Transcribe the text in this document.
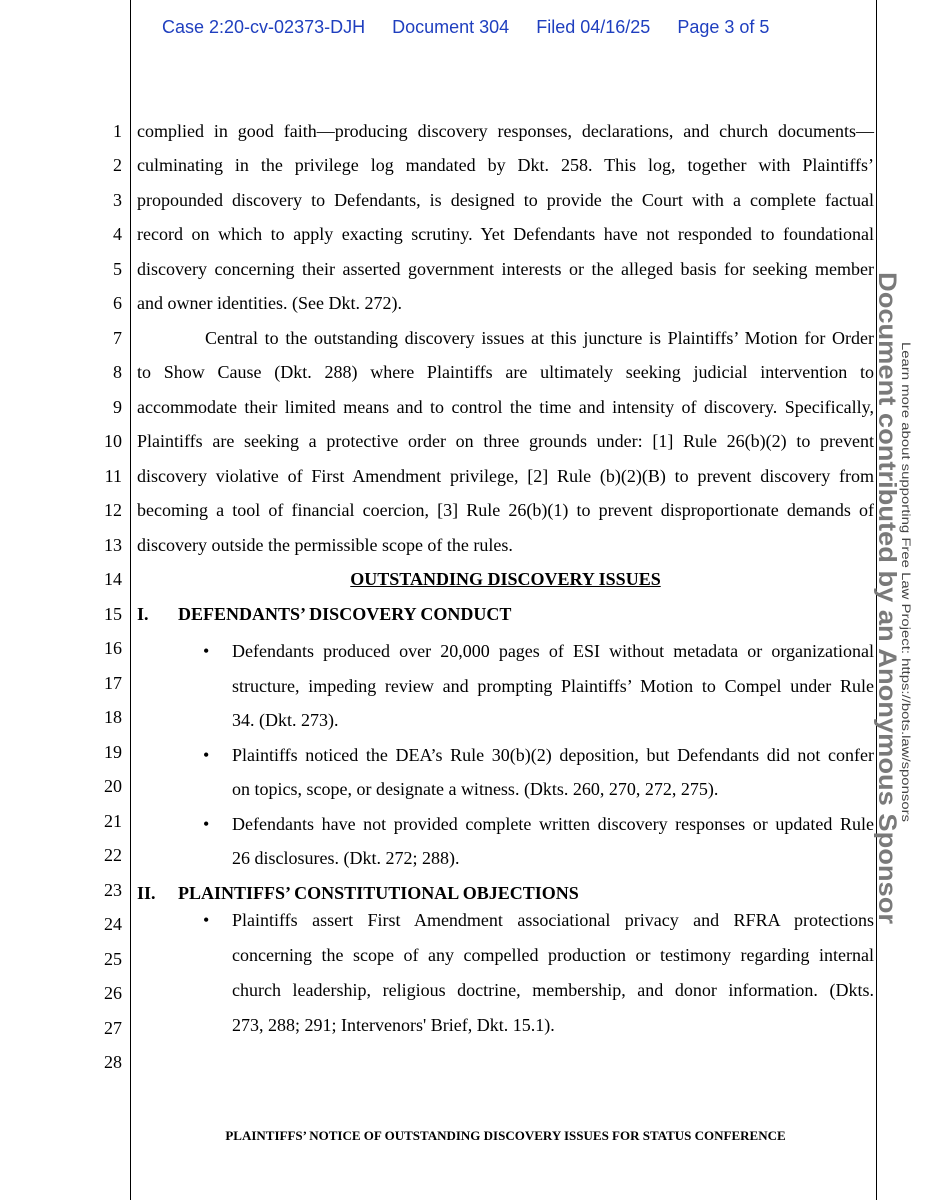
Case 2:20-cv-02373-DJH Document 304 Filed 04/16/25 Page 3 of 5
1
2
3
4
5
6
7
8
9
10
11
12
13
14
15
16
17
18
19
20
21
22
23
24
25
26
27
28
complied in good faith—producing discovery responses, declarations, and church documents—
culminating in the privilege log mandated by Dkt. 258. This log, together with Plaintiffs’
propounded discovery to Defendants, is designed to provide the Court with a complete factual
record on which to apply exacting scrutiny. Yet Defendants have not responded to foundational
discovery concerning their asserted government interests or the alleged basis for seeking member
and owner identities. (See Dkt. 272).
Central to the outstanding discovery issues at this juncture is Plaintiffs’ Motion for Order
to Show Cause (Dkt. 288) where Plaintiffs are ultimately seeking judicial intervention to
accommodate their limited means and to control the time and intensity of discovery. Specifically,
Plaintiffs are seeking a protective order on three grounds under: [1] Rule 26(b)(2) to prevent
discovery violative of First Amendment privilege, [2] Rule (b)(2)(B) to prevent discovery from
becoming a tool of financial coercion, [3] Rule 26(b)(1) to prevent disproportionate demands of
discovery outside the permissible scope of the rules.
OUTSTANDING DISCOVERY ISSUES
I. DEFENDANTS’ DISCOVERY CONDUCT
• Defendants produced over 20,000 pages of ESI without metadata or organizational
structure, impeding review and prompting Plaintiffs’ Motion to Compel under Rule
34. (Dkt. 273).
• Plaintiffs noticed the DEA’s Rule 30(b)(2) deposition, but Defendants did not confer
on topics, scope, or designate a witness. (Dkts. 260, 270, 272, 275).
• Defendants have not provided complete written discovery responses or updated Rule
26 disclosures. (Dkt. 272; 288).
II. PLAINTIFFS’ CONSTITUTIONAL OBJECTIONS
• Plaintiffs assert First Amendment associational privacy and RFRA protections
concerning the scope of any compelled production or testimony regarding internal
church leadership, religious doctrine, membership, and donor information. (Dkts.
273, 288; 291; Intervenors' Brief, Dkt. 15.1).
PLAINTIFFS’ NOTICE OF OUTSTANDING DISCOVERY ISSUES FOR STATUS CONFERENCE
Document contributed by an Anonymous Sponsor
Learn more about supporting Free Law Project: https://bots.law/sponsors
